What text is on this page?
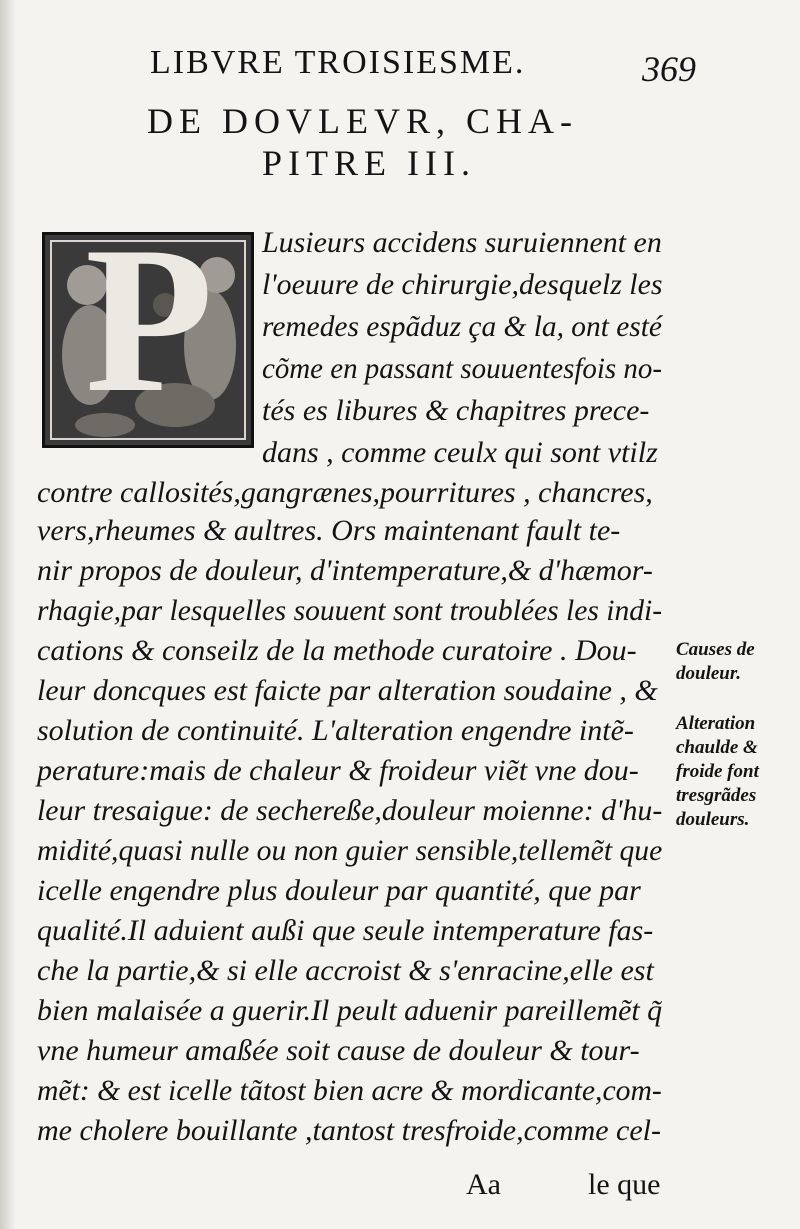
LIBVRE TROISIESME.	369
DE DOVLEVR, CHA-
PITRE III.
P Lusieurs accidens suruiennent en
l'oeuure de chirurgie,desquelz les
remedes espãduz ça & la, ont esté
cõme en passant souuentesfois no-
tés es libures & chapitres prece-
dans , comme ceulx qui sont vtilz
contre callosités,gangrænes,pourritures , chancres,
vers,rheumes & aultres. Ors maintenant fault te-
nir propos de douleur, d'intemperature,& d'hæmor-
rhagie,par lesquelles souuent sont troublées les indi-
cations & conseilz de la methode curatoire . Dou-
leur doncques est faicte par alteration soudaine , &
solution de continuité. L'alteration engendre intẽ-
perature:mais de chaleur & froideur viẽt vne dou-
leur tresaigue: de sechereße,douleur moienne: d'hu-
midité,quasi nulle ou non guier sensible,tellemẽt que
icelle engendre plus douleur par quantité, que par
qualité.Il aduient außi que seule intemperature fas-
che la partie,& si elle accroist & s'enracine,elle est
bien malaisée a guerir.Il peult aduenir pareillemẽt q̃
vne humeur amaßée soit cause de douleur & tour-
mẽt: & est icelle tãtost bien acre & mordicante,com-
me cholere bouillante ,tantost tresfroide,comme cel-
Causes de
douleur.
Alteration
chaulde &
froide font
tresgrãdes
douleurs.
Aa	le que
